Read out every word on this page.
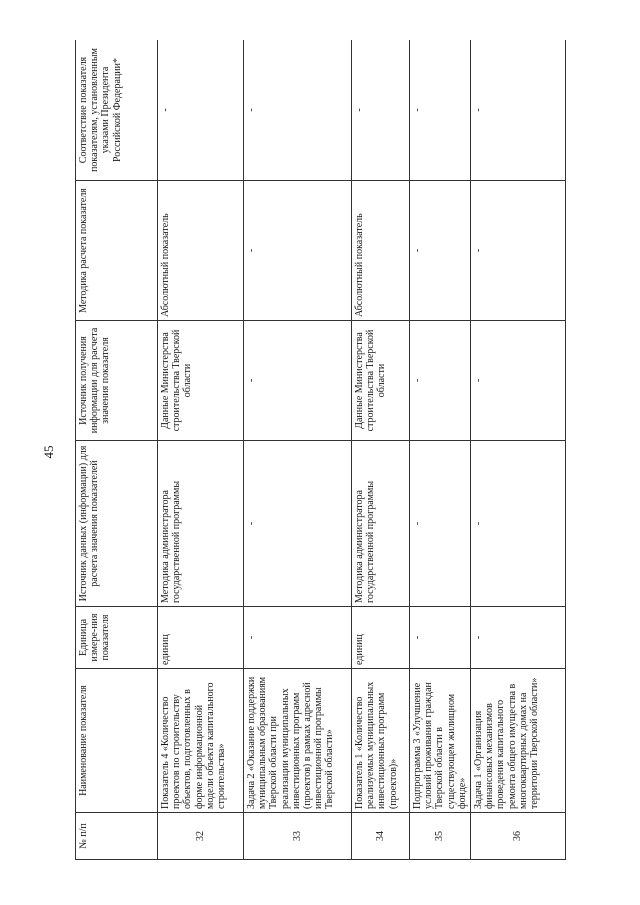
45
№ п/п	Наименование показателя	Единица измере-ния показателя	Источник данных (информации) для расчета значения показателей	Источник получения информации для расчета значения показателя	Методика расчета показателя	Соответствие показателя показателям, установленным указами Президента Российской Федерации*
32	Показатель 4 «Количество проектов по строительству объектов, подготовленных в форме информационной модели объекта капитального строительства»	единиц	Методика администратора государственной программы	Данные Министерства строительства Тверской области	Абсолютный показатель	-
33	Задача 2 «Оказание поддержки муниципальным образованиям Тверской области при реализации муниципальных инвестиционных программ (проектов) в рамках адресной инвестиционной программы Тверской области»	-	-	-	-	-
34	Показатель 1 «Количество реализуемых муниципальных инвестиционных программ (проектов)»	единиц	Методика администратора государственной программы	Данные Министерства строительства Тверской области	Абсолютный показатель	-
35	Подпрограмма 3 «Улучшение условий проживания граждан Тверской области в существующем жилищном фонде»	-	-	-	-	-
36	Задача 1 «Организация финансовых механизмов проведения капитального ремонта общего имущества в многоквартирных домах на территории Тверской области»	-	-	-	-	-
